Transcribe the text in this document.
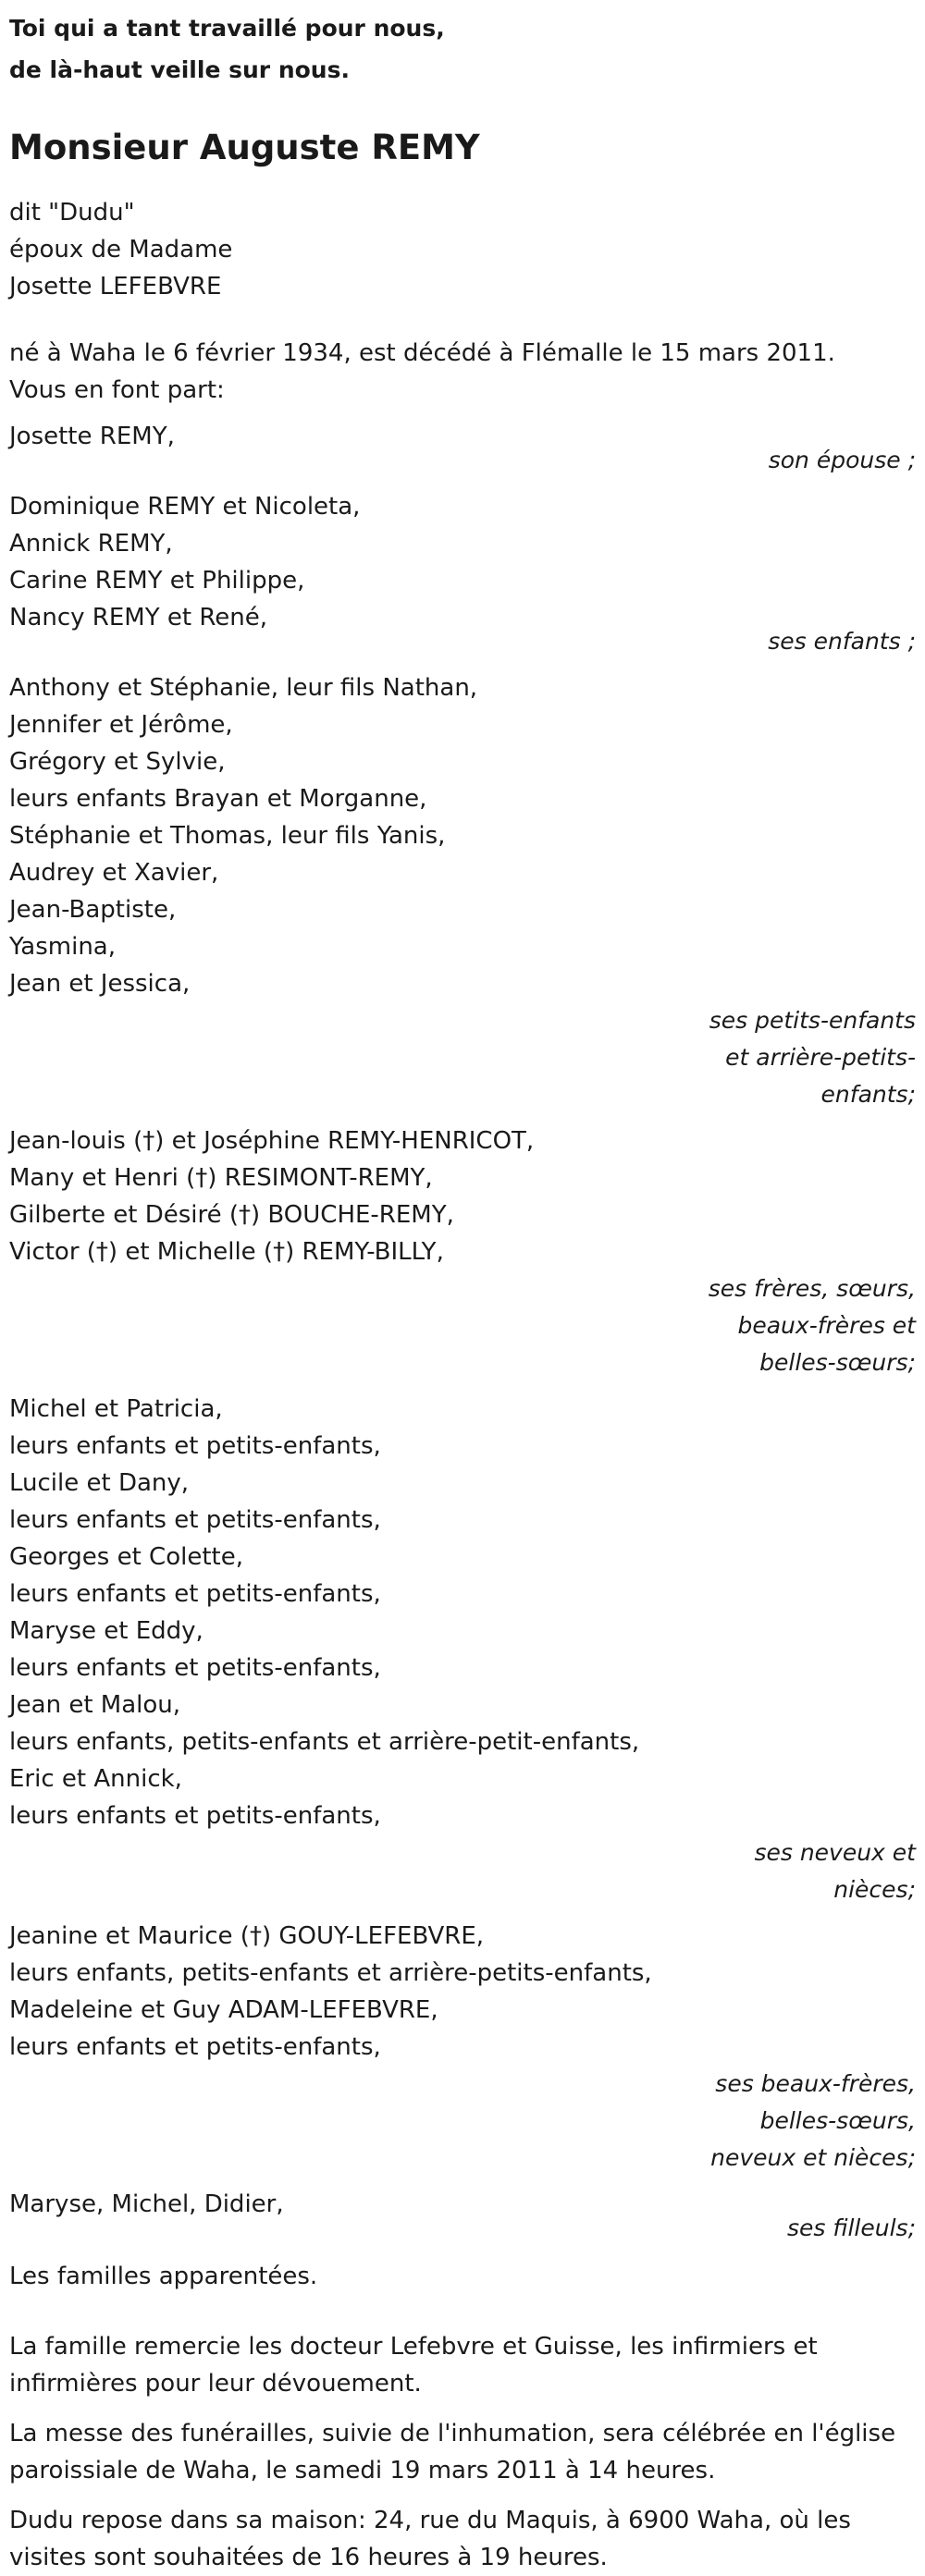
Toi qui a tant travaillé pour nous,
de là-haut veille sur nous.
Monsieur Auguste REMY
dit "Dudu"
époux de Madame
Josette LEFEBVRE
né à Waha le 6 février 1934, est décédé à Flémalle le 15 mars 2011.
Vous en font part:
Josette REMY,
son épouse ;
Dominique REMY et Nicoleta,
Annick REMY,
Carine REMY et Philippe,
Nancy REMY et René,
ses enfants ;
Anthony et Stéphanie, leur fils Nathan,
Jennifer et Jérôme,
Grégory et Sylvie,
leurs enfants Brayan et Morganne,
Stéphanie et Thomas, leur fils Yanis,
Audrey et Xavier,
Jean-Baptiste,
Yasmina,
Jean et Jessica,
ses petits-enfants
et arrière-petits-
enfants;
Jean-louis (†) et Joséphine REMY-HENRICOT,
Many et Henri (†) RESIMONT-REMY,
Gilberte et Désiré (†) BOUCHE-REMY,
Victor (†) et Michelle (†) REMY-BILLY,
ses frères, sœurs,
beaux-frères et
belles-sœurs;
Michel et Patricia,
leurs enfants et petits-enfants,
Lucile et Dany,
leurs enfants et petits-enfants,
Georges et Colette,
leurs enfants et petits-enfants,
Maryse et Eddy,
leurs enfants et petits-enfants,
Jean et Malou,
leurs enfants, petits-enfants et arrière-petit-enfants,
Eric et Annick,
leurs enfants et petits-enfants,
ses neveux et
nièces;
Jeanine et Maurice (†) GOUY-LEFEBVRE,
leurs enfants, petits-enfants et arrière-petits-enfants,
Madeleine et Guy ADAM-LEFEBVRE,
leurs enfants et petits-enfants,
ses beaux-frères,
belles-sœurs,
neveux et nièces;
Maryse, Michel, Didier,
ses filleuls;
Les familles apparentées.
La famille remercie les docteur Lefebvre et Guisse, les infirmiers et infirmières pour leur dévouement.
La messe des funérailles, suivie de l'inhumation, sera célébrée en l'église paroissiale de Waha, le samedi 19 mars 2011 à 14 heures.
Dudu repose dans sa maison: 24, rue du Maquis, à 6900 Waha, où les visites sont souhaitées de 16 heures à 19 heures.
